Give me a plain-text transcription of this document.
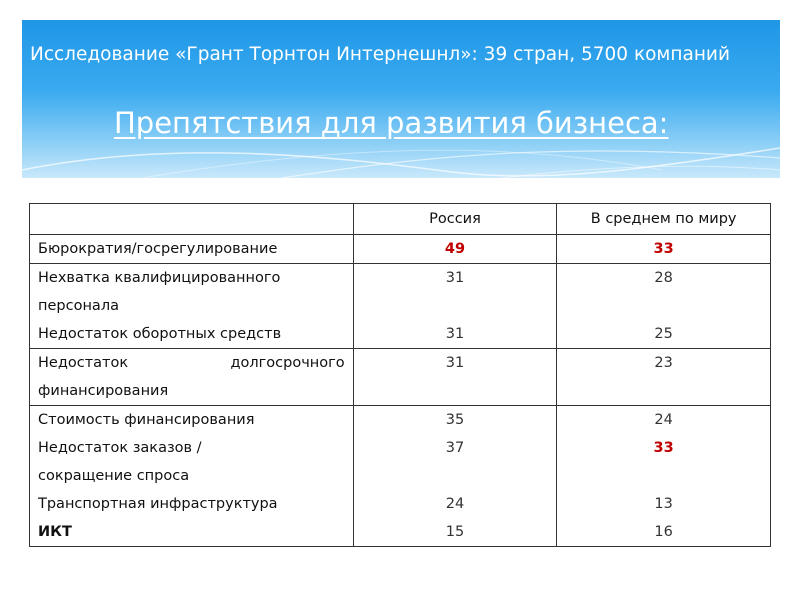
Исследование «Грант Торнтон Интернешнл»: 39 стран, 5700 компаний
Препятствия для развития бизнеса:
	Россия	В среднем по миру
Бюрократия/госрегулирование	49	33

Нехватка квалифицированного
персонала	31	28
Недостаток оборотных средств	31	25

Недостаток долгосрочного
финансирования	31	23
Стоимость финансирования	35	24

Недостаток заказов /
сокращение спроса	37	33
Транспортная инфраструктура	24	13
ИКТ	15	16
